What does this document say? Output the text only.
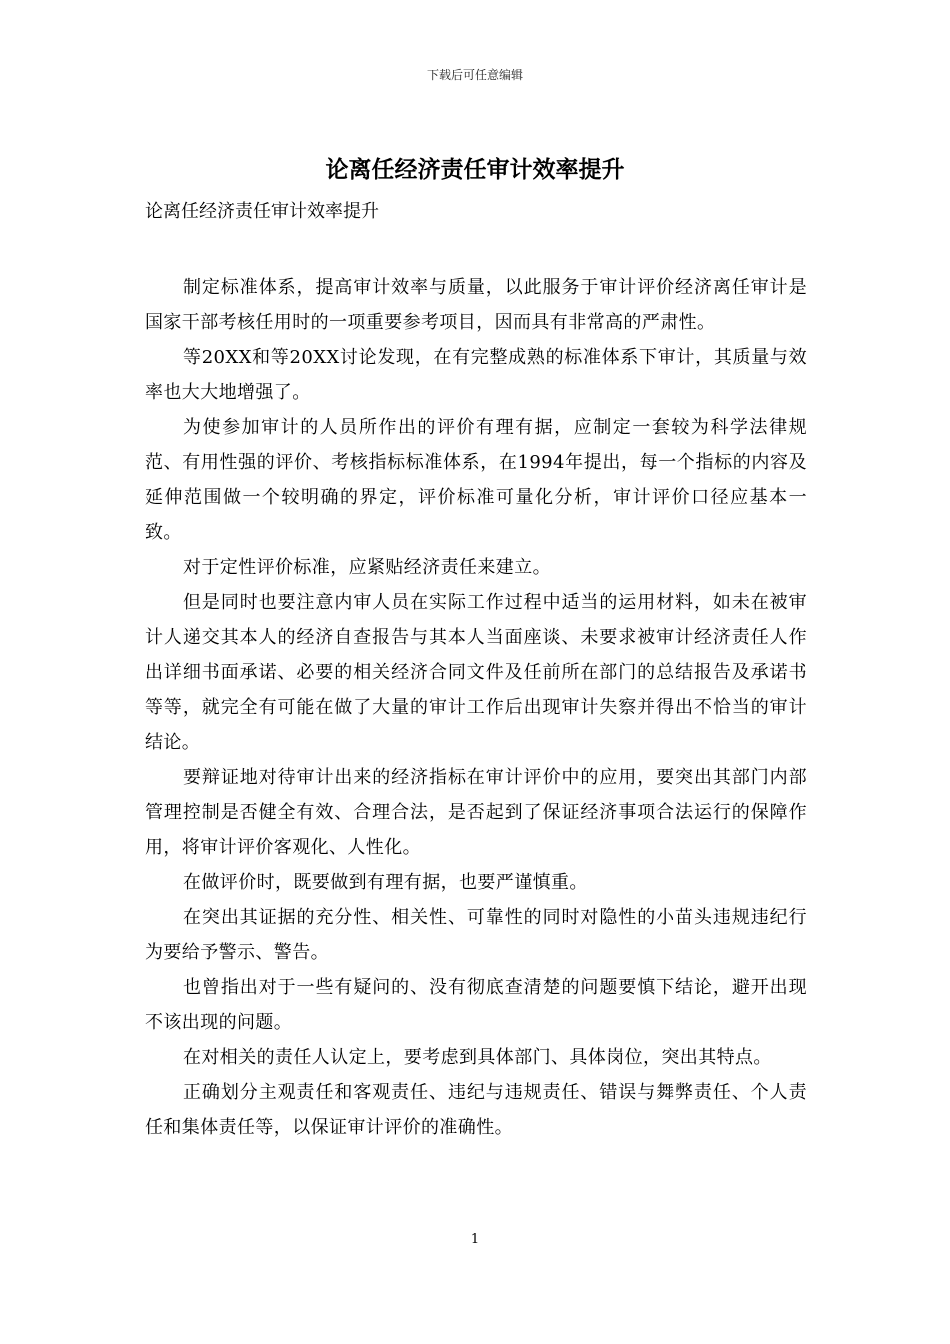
下载后可任意编辑
论离任经济责任审计效率提升

论离任经济责任审计效率提升

制定标准体系，提高审计效率与质量，以此服务于审计评价经济离任审计是国家干部考核任用时的一项重要参考项目，因而具有非常高的严肃性。

等20XX和等20XX讨论发现，在有完整成熟的标准体系下审计，其质量与效率也大大地增强了。

为使参加审计的人员所作出的评价有理有据，应制定一套较为科学法律规范、有用性强的评价、考核指标标准体系，在1994年提出，每一个指标的内容及延伸范围做一个较明确的界定，评价标准可量化分析，审计评价口径应基本一致。

对于定性评价标准，应紧贴经济责任来建立。

但是同时也要注意内审人员在实际工作过程中适当的运用材料，如未在被审计人递交其本人的经济自查报告与其本人当面座谈、未要求被审计经济责任人作出详细书面承诺、必要的相关经济合同文件及任前所在部门的总结报告及承诺书等等，就完全有可能在做了大量的审计工作后出现审计失察并得出不恰当的审计结论。

要辩证地对待审计出来的经济指标在审计评价中的应用，要突出其部门内部管理控制是否健全有效、合理合法，是否起到了保证经济事项合法运行的保障作用，将审计评价客观化、人性化。

在做评价时，既要做到有理有据，也要严谨慎重。

在突出其证据的充分性、相关性、可靠性的同时对隐性的小苗头违规违纪行为要给予警示、警告。

也曾指出对于一些有疑问的、没有彻底查清楚的问题要慎下结论，避开出现不该出现的问题。

在对相关的责任人认定上，要考虑到具体部门、具体岗位，突出其特点。

正确划分主观责任和客观责任、违纪与违规责任、错误与舞弊责任、个人责任和集体责任等，以保证审计评价的准确性。

1
